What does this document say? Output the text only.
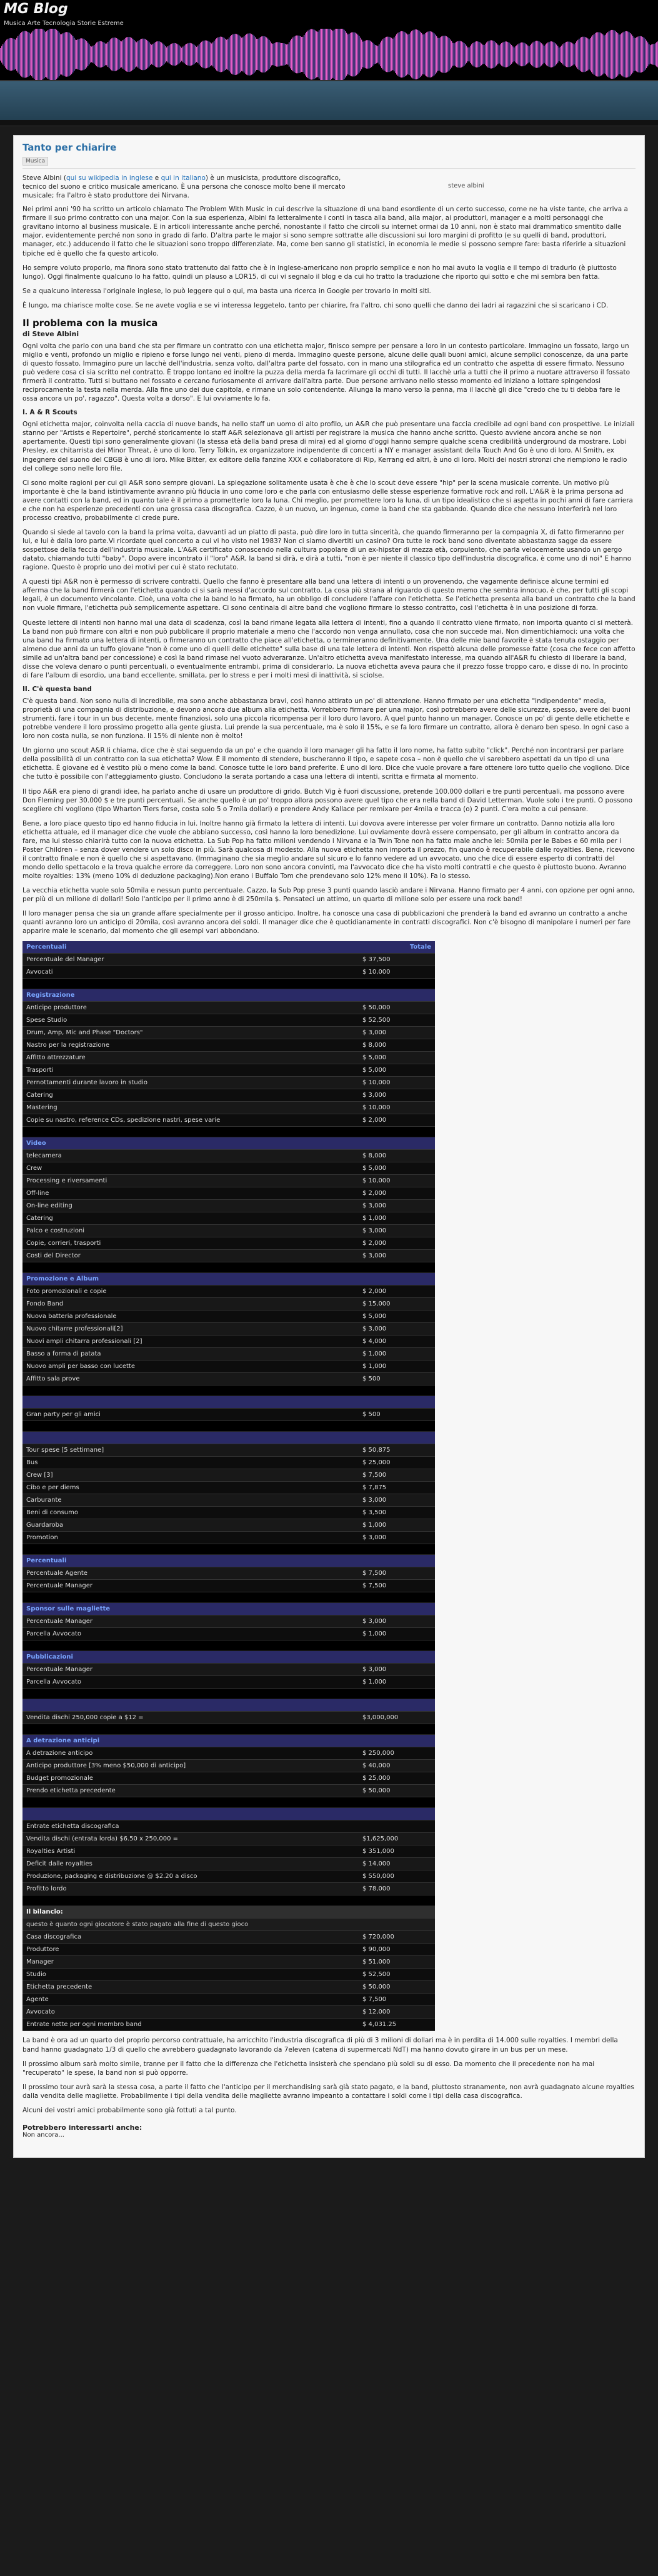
MG Blog
Musica Arte Tecnologia Storie Estreme
Tanto per chiarire
Musica

Steve Albini (qui su wikipedia in inglese e qui in italiano) è un musicista, produttore discografico, tecnico del suono e critico musicale americano. È una persona che conosce molto bene il mercato musicale; fra l'altro è stato produttore dei Nirvana.

steve albini

Nei primi anni '90 ha scritto un articolo chiamato The Problem With Music in cui descrive la situazione di una band esordiente di un certo successo, come ne ha viste tante, che arriva a firmare il suo primo contratto con una major. Con la sua esperienza, Albini fa letteralmente i conti in tasca alla band, alla major, ai produttori, manager e a molti personaggi che gravitano intorno al business musicale. E in articoli interessante anche perché, nonostante il fatto che circoli su internet ormai da 10 anni, non è stato mai drammatico smentito dalle major, evidentemente perché non sono in grado di farlo. D'altra parte le major si sono sempre sottratte alle discussioni sui loro margini di profitto (e su quelli di band, produttori, manager, etc.) adducendo il fatto che le situazioni sono troppo differenziate. Ma, come ben sanno gli statistici, in economia le medie si possono sempre fare: basta riferirle a situazioni tipiche ed è quello che fa questo articolo.

Ho sempre voluto proporlo, ma finora sono stato trattenuto dal fatto che è in inglese-americano non proprio semplice e non ho mai avuto la voglia e il tempo di tradurlo (è piuttosto lungo). Oggi finalmente qualcuno lo ha fatto, quindi un plauso a LOR15, di cui vi segnalo il blog e da cui ho tratto la traduzione che riporto qui sotto e che mi sembra ben fatta.

Se a qualcuno interessa l'originale inglese, lo può leggere qui o qui, ma basta una ricerca in Google per trovarlo in molti siti.

È lungo, ma chiarisce molte cose. Se ne avete voglia e se vi interessa leggetelo, tanto per chiarire, fra l'altro, chi sono quelli che danno dei ladri ai ragazzini che si scaricano i CD.

Il problema con la musica
di Steve Albini

Ogni volta che parlo con una band che sta per firmare un contratto con una etichetta major, finisco sempre per pensare a loro in un contesto particolare. Immagino un fossato, largo un miglio e venti, profondo un miglio e ripieno e forse lungo nei venti, pieno di merda. Immagino queste persone, alcune delle quali buoni amici, alcune semplici conoscenze, da una parte di questo fossato. Immagino pure un lacchè dell'industria, senza volto, dall'altra parte del fossato, con in mano una stilografica ed un contratto che aspetta di essere firmato. Nessuno può vedere cosa ci sia scritto nel contratto. È troppo lontano ed inoltre la puzza della merda fa lacrimare gli occhi di tutti. Il lacchè urla a tutti che il primo a nuotare attraverso il fossato firmerà il contratto. Tutti si buttano nel fossato e cercano furiosamente di arrivare dall'altra parte. Due persone arrivano nello stesso momento ed iniziano a lottare spingendosi reciprocamente la testa nella merda. Alla fine uno dei due capitola, e rimane un solo contendente. Allunga la mano verso la penna, ma il lacchè gli dice "credo che tu ti debba fare le ossa ancora un po', ragazzo". Questa volta a dorso". E lui ovviamente lo fa.

I. A & R Scouts

Ogni etichetta major, coinvolta nella caccia di nuove bands, ha nello staff un uomo di alto profilo, un A&R che può presentare una faccia credibile ad ogni band con prospettive. Le iniziali stanno per "Artists e Repertoire", perché storicamente lo staff A&R selezionava gli artisti per registrare la musica che hanno anche scritto. Questo avviene ancora anche se non apertamente. Questi tipi sono generalmente giovani (la stessa età della band presa di mira) ed al giorno d'oggi hanno sempre qualche scena credibilità underground da mostrare. Lobi Presley, ex chitarrista dei Minor Threat, è uno di loro. Terry Tolkin, ex organizzatore indipendente di concerti a NY e manager assistant della Touch And Go è uno di loro. Al Smith, ex ingegnere del suono del CBGB è uno di loro. Mike Bitter, ex editore della fanzine XXX e collaboratore di Rip, Kerrang ed altri, è uno di loro. Molti dei nostri stronzi che riempiono le radio del college sono nelle loro file.

Ci sono molte ragioni per cui gli A&R sono sempre giovani. La spiegazione solitamente usata è che è che lo scout deve essere "hip" per la scena musicale corrente. Un motivo più importante è che la band istintivamente avranno più fiducia in uno come loro e che parla con entusiasmo delle stesse esperienze formative rock and roll. L'A&R è la prima persona ad avere contatti con la band, ed in quanto tale è il primo a prometterle loro la luna. Chi meglio, per promettere loro la luna, di un tipo idealistico che si aspetta in pochi anni di fare carriera e che non ha esperienze precedenti con una grossa casa discografica. Cazzo, è un nuovo, un ingenuo, come la band che sta gabbando. Quando dice che nessuno interferirà nel loro processo creativo, probabilmente ci crede pure.

Quando si siede al tavolo con la band la prima volta, davvanti ad un piatto di pasta, può dire loro in tutta sincerità, che quando firmeranno per la compagnia X, di fatto firmeranno per lui, e lui è dalla loro parte.Vi ricordate quel concerto a cui vi ho visto nel 1983? Non ci siamo divertiti un casino? Ora tutte le rock band sono diventate abbastanza sagge da essere sospettose della feccia dell'industria musicale. L'A&R certificato conoscendo nella cultura popolare di un ex-hipster di mezza età, corpulento, che parla velocemente usando un gergo datato, chiamando tutti "baby". Dopo avere incontrato il "loro" A&R, la band si dirà, e dirà a tutti, "non è per niente il classico tipo dell'industria discografica, è come uno di noi" E hanno ragione. Questo è proprio uno dei motivi per cui è stato reclutato.

A questi tipi A&R non è permesso di scrivere contratti. Quello che fanno è presentare alla band una lettera di intenti o un provenendo, che vagamente definisce alcune termini ed afferma che la band firmerà con l'etichetta quando ci si sarà messi d'accordo sul contratto. La cosa più strana al riguardo di questo memo che sembra innocuo, è che, per tutti gli scopi legali, è un documento vincolante. Cioè, una volta che la band lo ha firmato, ha un obbligo di concludere l'affare con l'etichetta. Se l'etichetta presenta alla band un contratto che la band non vuole firmare, l'etichetta può semplicemente aspettare. Ci sono centinaia di altre band che vogliono firmare lo stesso contratto, così l'etichetta è in una posizione di forza.

Queste lettere di intenti non hanno mai una data di scadenza, così la band rimane legata alla lettera di intenti, fino a quando il contratto viene firmato, non importa quanto ci si metterà. La band non può firmare con altri e non può pubblicare il proprio materiale a meno che l'accordo non venga annullato, cosa che non succede mai. Non dimentichiamoci: una volta che una band ha firmato una lettera di intenti, o firmeranno un contratto che piace all'etichetta, o termineranno definitivamente. Una delle mie band favorite è stata tenuta ostaggio per almeno due anni da un tuffo giovane "non è come uno di quelli delle etichette" sulla base di una tale lettera di intenti. Non rispettò alcuna delle promesse fatte (cosa che fece con affetto simile ad un'altra band per concessione) e così la band rimase nel vuoto adveraranze. Un'altro etichetta aveva manifestato interesse, ma quando all'A&R fu chiesto di liberare la band, disse che voleva denaro o punti percentuali, o eventualmente entrambi, prima di considerarlo. La nuova etichetta aveva paura che il prezzo fosse troppo caro, e disse di no. In procinto di fare l'album di esordio, una band eccellente, smillata, per lo stress e per i molti mesi di inattività, si sciolse.

II. C'è questa band

C'è questa band. Non sono nulla di incredibile, ma sono anche abbastanza bravi, così hanno attirato un po' di attenzione. Hanno firmato per una etichetta "indipendente" media, proprietà di una compagnia di distribuzione, e devono ancora due album alla etichetta. Vorrebbero firmare per una major, così potrebbero avere delle sicurezze, spesso, avere dei buoni strumenti, fare i tour in un bus decente, mente finanziosi, solo una piccola ricompensa per il loro duro lavoro. A quel punto hanno un manager. Conosce un po' di gente delle etichette e potrebbe vendere il loro prossimo progetto alla gente giusta. Lui prende la sua percentuale, ma è solo il 15%, e se fa loro firmare un contratto, allora è denaro ben speso. In ogni caso a loro non costa nulla, se non funziona. Il 15% di niente non è molto!

Un giorno uno scout A&R li chiama, dice che è stai seguendo da un po' e che quando il loro manager gli ha fatto il loro nome, ha fatto subito "click". Perché non incontrarsi per parlare della possibilità di un contratto con la sua etichetta? Wow. È il momento di stendere, buscheranno il tipo, e sapete cosa – non è quello che vi sarebbero aspettati da un tipo di una etichetta. È giovane ed è vestito più o meno come la band. Conosce tutte le loro band preferite. È uno di loro. Dice che vuole provare a fare ottenere loro tutto quello che vogliono. Dice che tutto è possibile con l'atteggiamento giusto. Concludono la serata portando a casa una lettera di intenti, scritta e firmata al momento.

Il tipo A&R era pieno di grandi idee, ha parlato anche di usare un produttore di grido. Butch Vig è fuori discussione, pretende 100.000 dollari e tre punti percentuali, ma possono avere Don Fleming per 30.000 $ e tre punti percentuali. Se anche quello è un po' troppo allora possono avere quel tipo che era nella band di David Letterman. Vuole solo i tre punti. O possono scegliere chi vogliono (tipo Wharton Tiers forse, costa solo 5 o 7mila dollari) e prendere Andy Kallace per remixare per 4mila e tracca (o) 2 punti. C'era molto a cui pensare.

Bene, a loro piace questo tipo ed hanno fiducia in lui. Inoltre hanno già firmato la lettera di intenti. Lui dovova avere interesse per voler firmare un contratto. Danno notizia alla loro etichetta attuale, ed il manager dice che vuole che abbiano successo, così hanno la loro benedizione. Lui ovviamente dovrà essere compensato, per gli album in contratto ancora da fare, ma lui stesso chiarirà tutto con la nuova etichetta. La Sub Pop ha fatto milioni vendendo i Nirvana e la Twin Tone non ha fatto male anche lei: 50mila per le Babes e 60 mila per i Poster Children – senza dover vendere un solo disco in più. Sarà qualcosa di modesto. Alla nuova etichetta non importa il prezzo, fin quando è recuperabile dalle royalties. Bene, ricevono il contratto finale e non è quello che si aspettavano. (Immaginano che sia meglio andare sul sicuro e lo fanno vedere ad un avvocato, uno che dice di essere esperto di contratti del mondo dello spettacolo e la trova qualche errore da correggere. Loro non sono ancora convinti, ma l'avvocato dice che ha visto molti contratti e che questo è piuttosto buono. Avranno molte royalties: 13% (meno 10% di deduzione packaging).Non erano i Buffalo Tom che prendevano solo 12% meno il 10%). Fa lo stesso.

La vecchia etichetta vuole solo 50mila e nessun punto percentuale. Cazzo, la Sub Pop prese 3 punti quando lasciò andare i Nirvana. Hanno firmato per 4 anni, con opzione per ogni anno, per più di un milione di dollari! Solo l'anticipo per il primo anno è di 250mila $. Pensateci un attimo, un quarto di milione solo per essere una rock band!

Il loro manager pensa che sia un grande affare specialmente per il grosso anticipo. Inoltre, ha conosce una casa di pubblicazioni che prenderà la band ed avranno un contratto a anche quanti avranno loro un anticipo di 20mila, così avranno ancora dei soldi. Il manager dice che è quotidianamente in contratti discografici. Non c'è bisogno di manipolare i numeri per fare apparire male le scenario, dal momento che gli esempi vari abbondano.

Percentuali	Totale
Percentuale del Manager	$ 37,500
Avvocati	$ 10,000

Registrazione	
Anticipo produttore	$ 50,000
Spese Studio	$ 52,500
Drum, Amp, Mic and Phase "Doctors"	$ 3,000
Nastro per la registrazione	$ 8,000
Affitto attrezzature	$ 5,000
Trasporti	$ 5,000
Pernottamenti durante lavoro in studio	$ 10,000
Catering	$ 3,000
Mastering	$ 10,000
Copie su nastro, reference CDs, spedizione nastri, spese varie	$ 2,000

Video	
telecamera	$ 8,000
Crew	$ 5,000
Processing e riversamenti	$ 10,000
Off-line	$ 2,000
On-line editing	$ 3,000
Catering	$ 1,000
Palco e costruzioni	$ 3,000
Copie, corrieri, trasporti	$ 2,000
Costi del Director	$ 3,000

Promozione e Album	
Foto promozionali e copie	$ 2,000
Fondo Band	$ 15,000
Nuova batteria professionale	$ 5,000
Nuovo chitarre professionali[2]	$ 3,000
Nuovi ampli chitarra professionali [2]	$ 4,000
Basso a forma di patata	$ 1,000
Nuovo ampli per basso con lucette	$ 1,000
Affitto sala prove	$ 500

Gran party per gli amici	$ 500

Tour spese [5 settimane]	$ 50,875
Bus	$ 25,000
Crew [3]	$ 7,500
Cibo e per diems	$ 7,875
Carburante	$ 3,000
Beni di consumo	$ 3,500
Guardaroba	$ 1,000
Promotion	$ 3,000

Percentuali	
Percentuale Agente	$ 7,500
Percentuale Manager	$ 7,500

Sponsor sulle magliette	
Percentuale Manager	$ 3,000
Parcella Avvocato	$ 1,000

Pubblicazioni	
Percentuale Manager	$ 3,000
Parcella Avvocato	$ 1,000

Vendita dischi 250,000 copie a $12 =	$3,000,000

A detrazione anticipi	
A detrazione anticipo	$ 250,000
Anticipo produttore [3% meno $50,000 di anticipo]	$ 40,000
Budget promozionale	$ 25,000
Prendo etichetta precedente	$ 50,000

Entrate etichetta discografica	
Vendita dischi (entrata lorda) $6.50 x 250,000 =	$1,625,000
Royalties Artisti	$ 351,000
Deficit dalle royalties	$ 14,000
Produzione, packaging e distribuzione @ $2.20 a disco	$ 550,000
Profitto lordo	$ 78,000

Il bilancio:	
questo è quanto ogni giocatore è stato pagato alla fine di questo gioco	
Casa discografica	$ 720,000
Produttore	$ 90,000
Manager	$ 51,000
Studio	$ 52,500
Etichetta precedente	$ 50,000
Agente	$ 7,500
Avvocato	$ 12,000
Entrate nette per ogni membro band	$ 4,031.25

La band è ora ad un quarto del proprio percorso contrattuale, ha arricchito l'industria discografica di più di 3 milioni di dollari ma è in perdita di 14.000 sulle royalties. I membri della band hanno guadagnato 1/3 di quello che avrebbero guadagnato lavorando da 7eleven (catena di supermercati NdT) ma hanno dovuto girare in un bus per un mese.

Il prossimo album sarà molto simile, tranne per il fatto che la differenza che l'etichetta insisterà che spendano più soldi su di esso. Da momento che il precedente non ha mai "recuperato" le spese, la band non si può opporre.

Il prossimo tour avrà sarà la stessa cosa, a parte il fatto che l'anticipo per il merchandising sarà già stato pagato, e la band, piuttosto stranamente, non avrà guadagnato alcune royalties dalla vendita delle magliette. Probabilmente i tipi della vendita delle magliette avranno impeanto a contattare i soldi come i tipi della casa discografica.

Alcuni dei vostri amici probabilmente sono già fottuti a tal punto.

Potrebbero interessarti anche:
Non ancora...
